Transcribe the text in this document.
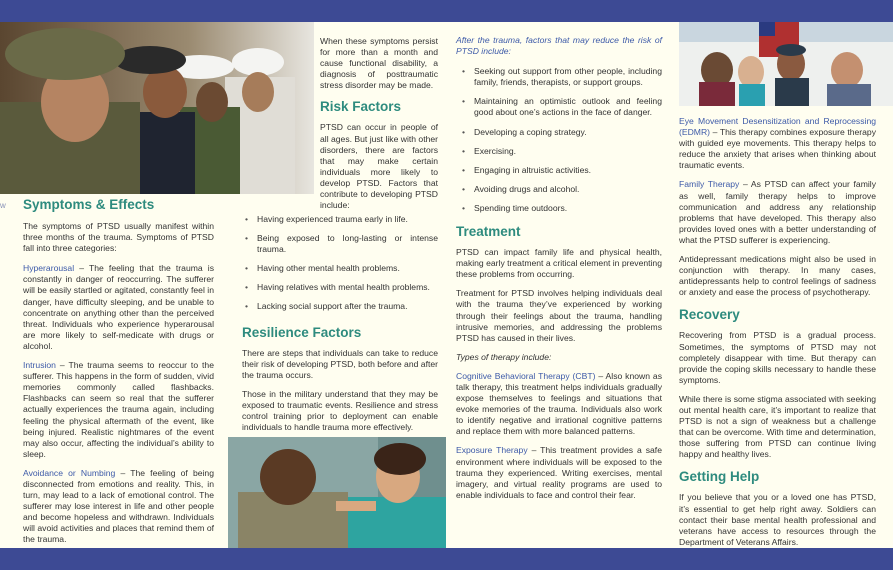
w Symptoms & Effects

The symptoms of PTSD usually manifest within three months of the trauma. Symptoms of PTSD fall into three categories:

Hyperarousal – The feeling that the trauma is constantly in danger of reoccurring. The sufferer will be easily startled or agitated, constantly feel in danger, have difficulty sleeping, and be unable to concentrate on anything other than the perceived threat. Individuals who experience hyperarousal are more likely to self-medicate with drugs or alcohol.

Intrusion – The trauma seems to reoccur to the sufferer. This happens in the form of sudden, vivid memories commonly called flashbacks. Flashbacks can seem so real that the sufferer actually experiences the trauma again, including feeling the physical aftermath of the event, like being injured. Realistic nightmares of the event may also occur, affecting the individual’s ability to sleep.

Avoidance or Numbing – The feeling of being disconnected from emotions and reality. This, in turn, may lead to a lack of emotional control. The sufferer may lose interest in life and other people and become hopeless and withdrawn. Individuals will avoid activities and places that remind them of the trauma.

When these symptoms persist for more than a month and cause functional disability, a diagnosis of posttraumatic stress disorder may be made.

Risk Factors

PTSD can occur in people of all ages. But just like with other disorders, there are factors that may make certain individuals more likely to develop PTSD. Factors that contribute to developing PTSD include:

• Having experienced trauma early in life.
• Being exposed to long-lasting or intense trauma.
• Having other mental health problems.
• Having relatives with mental health problems.
• Lacking social support after the trauma.
Resilience Factors

There are steps that individuals can take to reduce their risk of developing PTSD, both before and after the trauma occurs.

Those in the military understand that they may be exposed to traumatic events. Resilience and stress control training prior to deployment can enable individuals to handle trauma more effectively.

After the trauma, factors that may reduce the risk of PTSD include:

• Seeking out support from other people, including family, friends, therapists, or support groups.
• Maintaining an optimistic outlook and feeling good about one’s actions in the face of danger.
• Developing a coping strategy.
• Exercising.
• Engaging in altruistic activities.
• Avoiding drugs and alcohol.
• Spending time outdoors.
Treatment

PTSD can impact family life and physical health, making early treatment a critical element in preventing these problems from occurring.

Treatment for PTSD involves helping individuals deal with the trauma they’ve experienced by working through their feelings about the trauma, handling intrusive memories, and addressing the problems PTSD has caused in their lives.

Types of therapy include:

Cognitive Behavioral Therapy (CBT) – Also known as talk therapy, this treatment helps individuals gradually expose themselves to feelings and situations that evoke memories of the trauma. Individuals also work to identify negative and irrational cognitive patterns and replace them with more balanced patterns.

Exposure Therapy – This treatment provides a safe environment where individuals will be exposed to the trauma they experienced. Writing exercises, mental imagery, and virtual reality programs are used to enable individuals to face and control their fear.

Eye Movement Desensitization and Reprocessing (EDMR) – This therapy combines exposure therapy with guided eye movements. This therapy helps to reduce the anxiety that arises when thinking about traumatic events.

Family Therapy – As PTSD can affect your family as well, family therapy helps to improve communication and address any relationship problems that have developed. This therapy also provides loved ones with a better understanding of what the PTSD sufferer is experiencing.

Antidepressant medications might also be used in conjunction with therapy. In many cases, antidepressants help to control feelings of sadness or anxiety and ease the process of psychotherapy.

Recovery

Recovering from PTSD is a gradual process. Sometimes, the symptoms of PTSD may not completely disappear with time. But therapy can provide the coping skills necessary to handle these symptoms.

While there is some stigma associated with seeking out mental health care, it’s important to realize that PTSD is not a sign of weakness but a challenge that can be overcome. With time and determination, those suffering from PTSD can continue living happy and healthy lives.

Getting Help

If you believe that you or a loved one has PTSD, it’s essential to get help right away. Soldiers can contact their base mental health professional and veterans have access to resources through the Department of Veterans Affairs.
